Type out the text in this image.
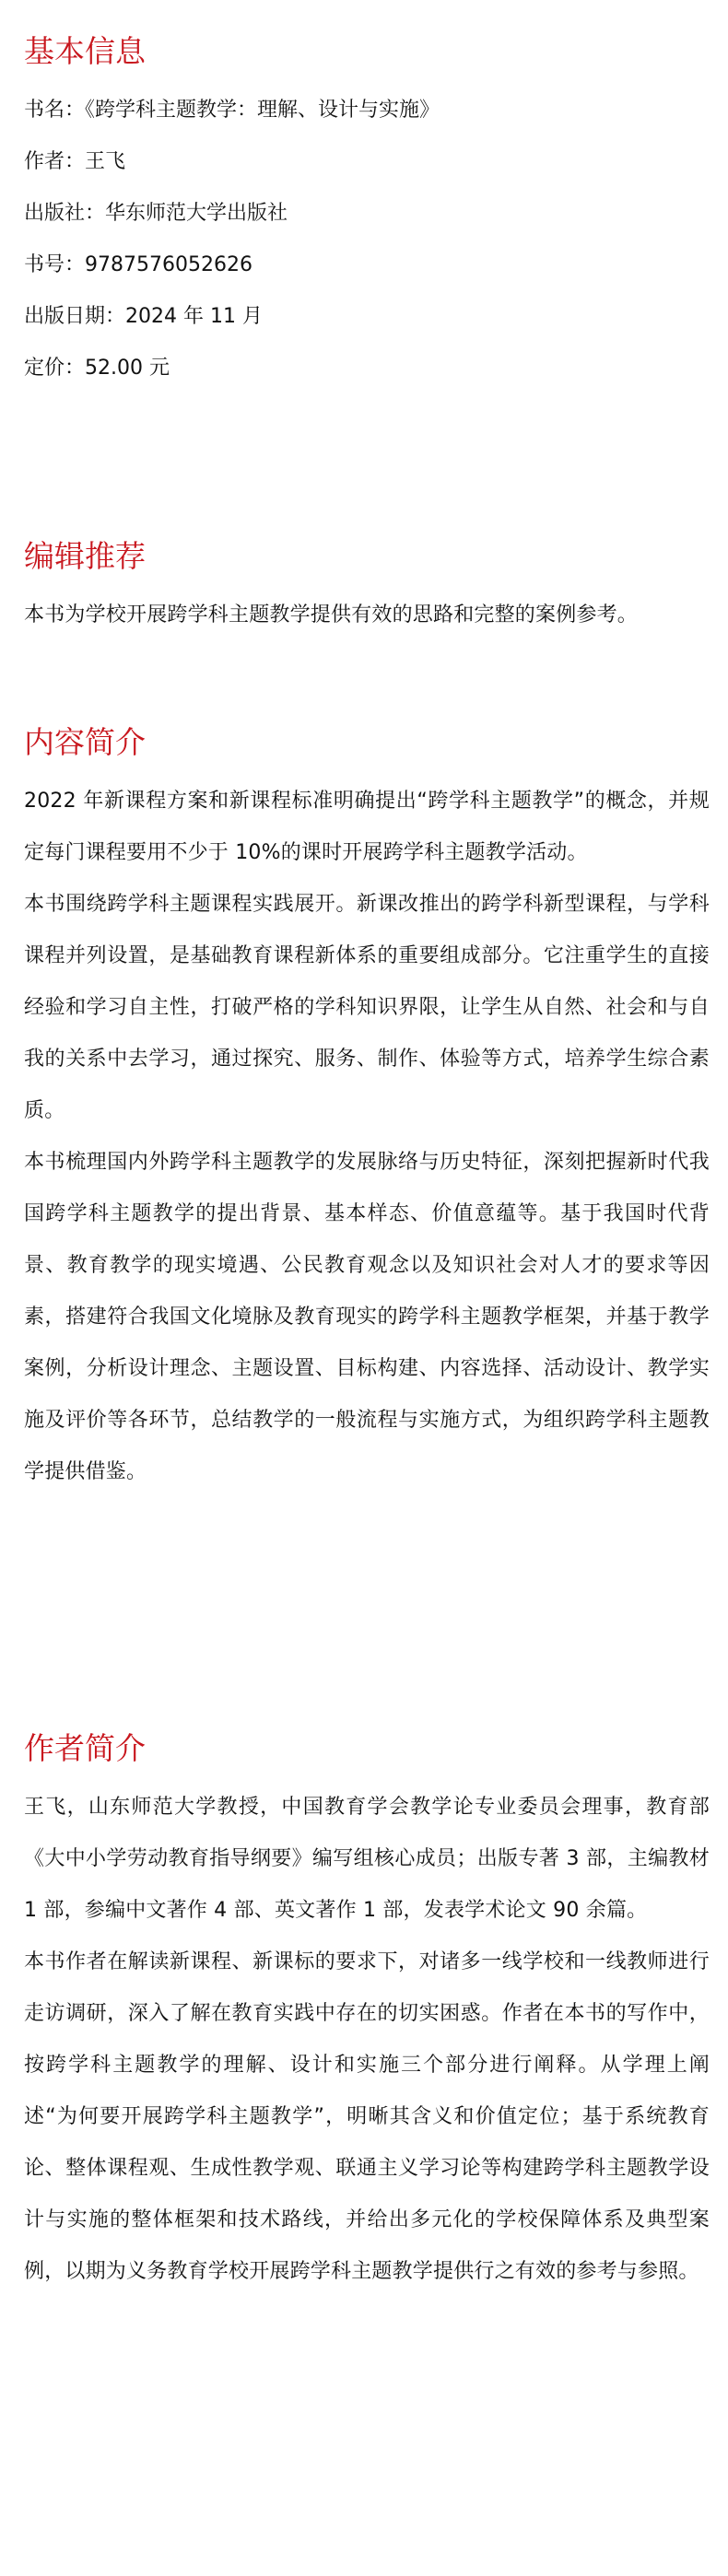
基本信息

书名：《跨学科主题教学：理解、设计与实施》

作者：王飞

出版社：华东师范大学出版社

书号：9787576052626

出版日期：2024 年 11 月

定价：52.00 元

编辑推荐

本书为学校开展跨学科主题教学提供有效的思路和完整的案例参考。

内容简介

2022 年新课程方案和新课程标准明确提出“跨学科主题教学”的概念，并规定每门课程要用不少于 10%的课时开展跨学科主题教学活动。

本书围绕跨学科主题课程实践展开。新课改推出的跨学科新型课程，与学科课程并列设置，是基础教育课程新体系的重要组成部分。它注重学生的直接经验和学习自主性，打破严格的学科知识界限，让学生从自然、社会和与自我的关系中去学习，通过探究、服务、制作、体验等方式，培养学生综合素质。

本书梳理国内外跨学科主题教学的发展脉络与历史特征，深刻把握新时代我国跨学科主题教学的提出背景、基本样态、价值意蕴等。基于我国时代背景、教育教学的现实境遇、公民教育观念以及知识社会对人才的要求等因素，搭建符合我国文化境脉及教育现实的跨学科主题教学框架，并基于教学案例，分析设计理念、主题设置、目标构建、内容选择、活动设计、教学实施及评价等各环节，总结教学的一般流程与实施方式，为组织跨学科主题教学提供借鉴。

作者简介

王飞，山东师范大学教授，中国教育学会教学论专业委员会理事，教育部《大中小学劳动教育指导纲要》编写组核心成员；出版专著 3 部，主编教材 1 部，参编中文著作 4 部、英文著作 1 部，发表学术论文 90 余篇。

本书作者在解读新课程、新课标的要求下，对诸多一线学校和一线教师进行走访调研，深入了解在教育实践中存在的切实困惑。作者在本书的写作中，按跨学科主题教学的理解、设计和实施三个部分进行阐释。从学理上阐述“为何要开展跨学科主题教学”，明晰其含义和价值定位；基于系统教育论、整体课程观、生成性教学观、联通主义学习论等构建跨学科主题教学设计与实施的整体框架和技术路线，并给出多元化的学校保障体系及典型案例，以期为义务教育学校开展跨学科主题教学提供行之有效的参考与参照。
